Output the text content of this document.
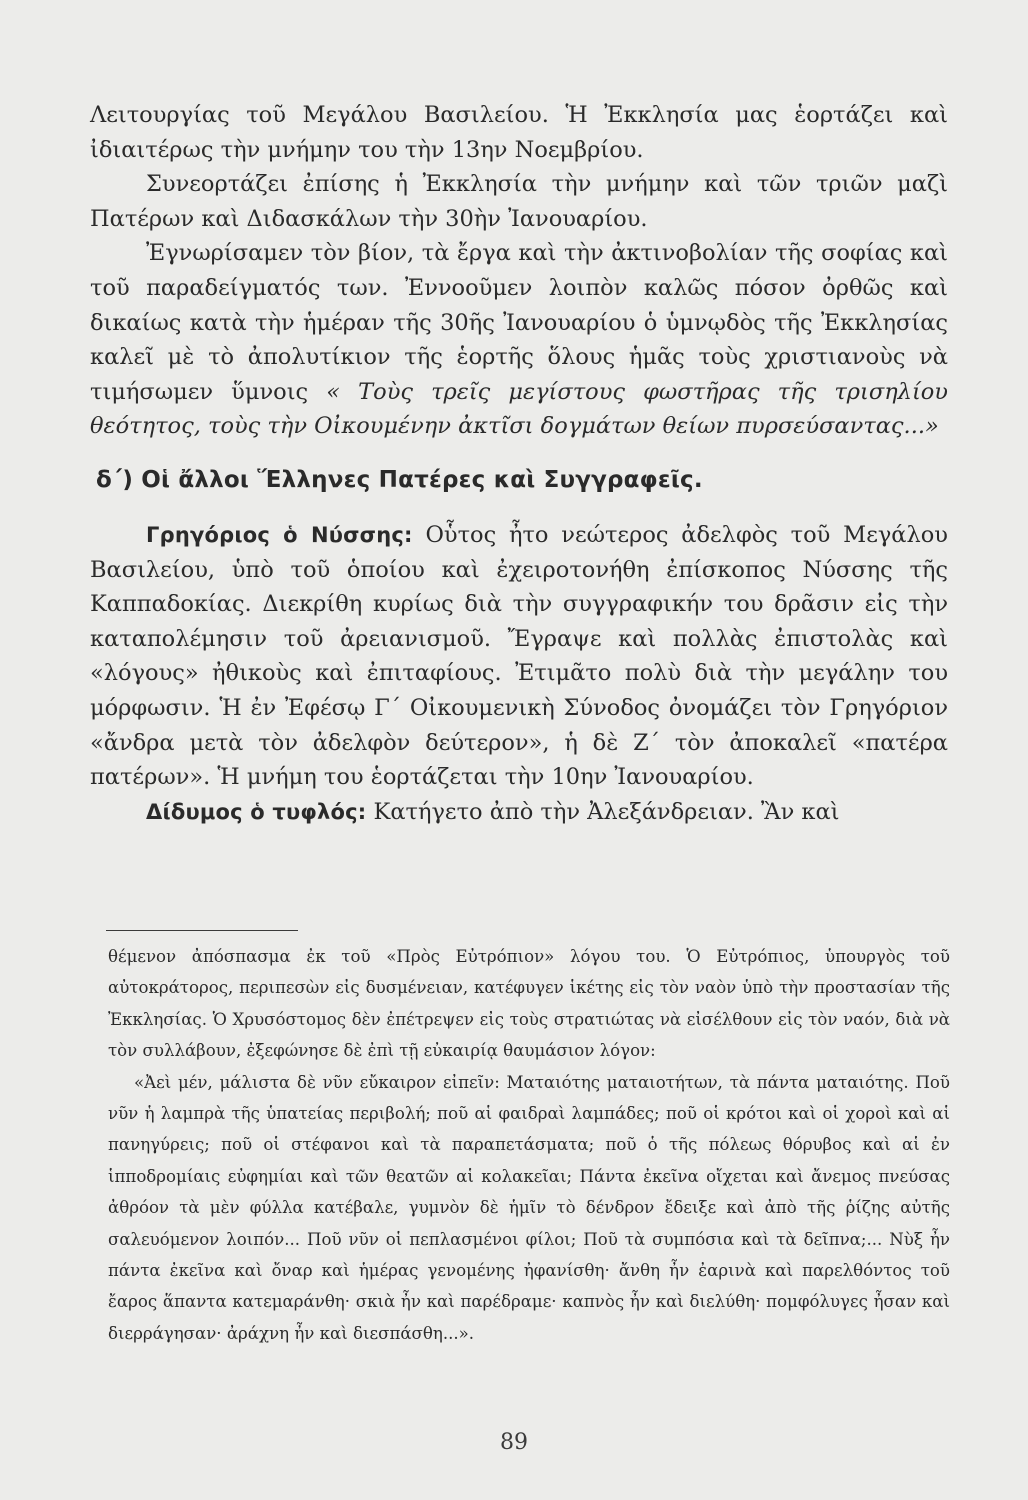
Λειτουργίας τοῦ Μεγάλου Βασιλείου. Ἡ Ἐκκλησία μας ἑορτάζει καὶ ἰδιαιτέρως τὴν μνήμην του τὴν 13ην Νοεμβρίου.

Συνεορτάζει ἐπίσης ἡ Ἐκκλησία τὴν μνήμην καὶ τῶν τριῶν μαζὶ Πατέρων καὶ Διδασκάλων τὴν 30ὴν Ἰανουαρίου.

Ἐγνωρίσαμεν τὸν βίον, τὰ ἔργα καὶ τὴν ἀκτινοβολίαν τῆς σοφίας καὶ τοῦ παραδείγματός των. Ἐννοοῦμεν λοιπὸν καλῶς πόσον ὀρθῶς καὶ δικαίως κατὰ τὴν ἡμέραν τῆς 30ῆς Ἰανουαρίου ὁ ὑμνῳδὸς τῆς Ἐκκλησίας καλεῖ μὲ τὸ ἀπολυτίκιον τῆς ἑορτῆς ὅλους ἡμᾶς τοὺς χριστιανοὺς νὰ τιμήσωμεν ὕμνοις « Τοὺς τρεῖς μεγίστους φωστῆρας τῆς τρισηλίου θεότητος, τοὺς τὴν Οἰκουμένην ἀκτῖσι δογμάτων θείων πυρσεύσαντας...»

δ΄) Οἱ ἄλλοι Ἕλληνες Πατέρες καὶ Συγγραφεῖς.

Γρηγόριος ὁ Νύσσης: Οὗτος ἦτο νεώτερος ἀδελφὸς τοῦ Μεγάλου Βασιλείου, ὑπὸ τοῦ ὁποίου καὶ ἐχειροτονήθη ἐπίσκοπος Νύσσης τῆς Καππαδοκίας. Διεκρίθη κυρίως διὰ τὴν συγγραφικήν του δρᾶσιν εἰς τὴν καταπολέμησιν τοῦ ἀρειανισμοῦ. Ἔγραψε καὶ πολλὰς ἐπιστολὰς καὶ «λόγους» ἠθικοὺς καὶ ἐπιταφίους. Ἐτιμᾶτο πολὺ διὰ τὴν μεγάλην του μόρφωσιν. Ἡ ἐν Ἐφέσῳ Γ΄ Οἰκουμενικὴ Σύνοδος ὀνομάζει τὸν Γρηγόριον «ἄνδρα μετὰ τὸν ἀδελφὸν δεύτερον», ἡ δὲ Ζ΄ τὸν ἀποκαλεῖ «πατέρα πατέρων». Ἡ μνήμη του ἑορτάζεται τὴν 10ην Ἰανουαρίου.

Δίδυμος ὁ τυφλός: Κατήγετο ἀπὸ τὴν Ἀλεξάνδρειαν. Ἂν καὶ

θέμενον ἀπόσπασμα ἐκ τοῦ «Πρὸς Εὐτρόπιον» λόγου του. Ὁ Εὐτρόπιος, ὑπουργὸς τοῦ αὐτοκράτορος, περιπεσὼν εἰς δυσμένειαν, κατέφυγεν ἱκέτης εἰς τὸν ναὸν ὑπὸ τὴν προστασίαν τῆς Ἐκκλησίας. Ὁ Χρυσόστομος δὲν ἐπέτρεψεν εἰς τοὺς στρατιώτας νὰ εἰσέλθουν εἰς τὸν ναόν, διὰ νὰ τὸν συλλάβουν, ἐξεφώνησε δὲ ἐπὶ τῇ εὐκαιρίᾳ θαυμάσιον λόγον:

«Ἀεὶ μέν, μάλιστα δὲ νῦν εὔκαιρον εἰπεῖν: Ματαιότης ματαιοτήτων, τὰ πάντα ματαιότης. Ποῦ νῦν ἡ λαμπρὰ τῆς ὑπατείας περιβολή; ποῦ αἱ φαιδραὶ λαμπάδες; ποῦ οἱ κρότοι καὶ οἱ χοροὶ καὶ αἱ πανηγύρεις; ποῦ οἱ στέφανοι καὶ τὰ παραπετάσματα; ποῦ ὁ τῆς πόλεως θόρυβος καὶ αἱ ἐν ἱπποδρομίαις εὐφημίαι καὶ τῶν θεατῶν αἱ κολακεῖαι; Πάντα ἐκεῖνα οἴχεται καὶ ἄνεμος πνεύσας ἀθρόον τὰ μὲν φύλλα κατέβαλε, γυμνὸν δὲ ἡμῖν τὸ δένδρον ἔδειξε καὶ ἀπὸ τῆς ῥίζης αὐτῆς σαλευόμενον λοιπόν... Ποῦ νῦν οἱ πεπλασμένοι φίλοι; Ποῦ τὰ συμπόσια καὶ τὰ δεῖπνα;... Νὺξ ἦν πάντα ἐκεῖνα καὶ ὄναρ καὶ ἡμέρας γενομένης ἠφανίσθη· ἄνθη ἦν ἐαρινὰ καὶ παρελθόντος τοῦ ἔαρος ἅπαντα κατεμαράνθη· σκιὰ ἦν καὶ παρέδραμε· καπνὸς ἦν καὶ διελύθη· πομφόλυγες ἦσαν καὶ διερράγησαν· ἀράχνη ἦν καὶ διεσπάσθη...».

89
